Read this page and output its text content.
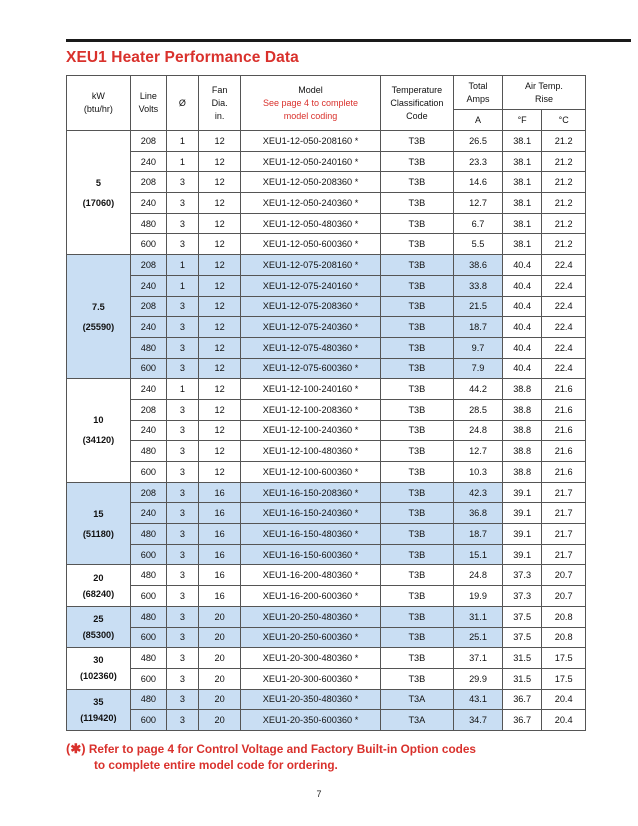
XEU1 Heater Performance Data
kW
(btu/hr)	Line
Volts	Ø	Fan
Dia.
in.	Model
See page 4 to complete
model coding	Temperature
Classification
Code	Total
Amps	Air Temp.
Rise	

						A	°F	°C

5
(17060)	208	1	12	XEU1-12-050-208160 *	T3B	26.5	38.1	21.2
	240	1	12	XEU1-12-050-240160 *	T3B	23.3	38.1	21.2
	208	3	12	XEU1-12-050-208360 *	T3B	14.6	38.1	21.2
	240	3	12	XEU1-12-050-240360 *	T3B	12.7	38.1	21.2
	480	3	12	XEU1-12-050-480360 *	T3B	6.7	38.1	21.2
	600	3	12	XEU1-12-050-600360 *	T3B	5.5	38.1	21.2

7.5
(25590)	208	1	12	XEU1-12-075-208160 *	T3B	38.6	40.4	22.4
	240	1	12	XEU1-12-075-240160 *	T3B	33.8	40.4	22.4
	208	3	12	XEU1-12-075-208360 *	T3B	21.5	40.4	22.4
	240	3	12	XEU1-12-075-240360 *	T3B	18.7	40.4	22.4
	480	3	12	XEU1-12-075-480360 *	T3B	9.7	40.4	22.4
	600	3	12	XEU1-12-075-600360 *	T3B	7.9	40.4	22.4

10
(34120)	240	1	12	XEU1-12-100-240160 *	T3B	44.2	38.8	21.6
	208	3	12	XEU1-12-100-208360 *	T3B	28.5	38.8	21.6
	240	3	12	XEU1-12-100-240360 *	T3B	24.8	38.8	21.6
	480	3	12	XEU1-12-100-480360 *	T3B	12.7	38.8	21.6
	600	3	12	XEU1-12-100-600360 *	T3B	10.3	38.8	21.6

15
(51180)	208	3	16	XEU1-16-150-208360 *	T3B	42.3	39.1	21.7
	240	3	16	XEU1-16-150-240360 *	T3B	36.8	39.1	21.7
	480	3	16	XEU1-16-150-480360 *	T3B	18.7	39.1	21.7
	600	3	16	XEU1-16-150-600360 *	T3B	15.1	39.1	21.7

20
(68240)	480	3	16	XEU1-16-200-480360 *	T3B	24.8	37.3	20.7
	600	3	16	XEU1-16-200-600360 *	T3B	19.9	37.3	20.7

25
(85300)	480	3	20	XEU1-20-250-480360 *	T3B	31.1	37.5	20.8
	600	3	20	XEU1-20-250-600360 *	T3B	25.1	37.5	20.8

30
(102360)	480	3	20	XEU1-20-300-480360 *	T3B	37.1	31.5	17.5
	600	3	20	XEU1-20-300-600360 *	T3B	29.9	31.5	17.5

35
(119420)	480	3	20	XEU1-20-350-480360 *	T3A	43.1	36.7	20.4
	600	3	20	XEU1-20-350-600360 *	T3A	34.7	36.7	20.4
(✱) Refer to page 4 for Control Voltage and Factory Built-in Option codes
to complete entire model code for ordering.
7
